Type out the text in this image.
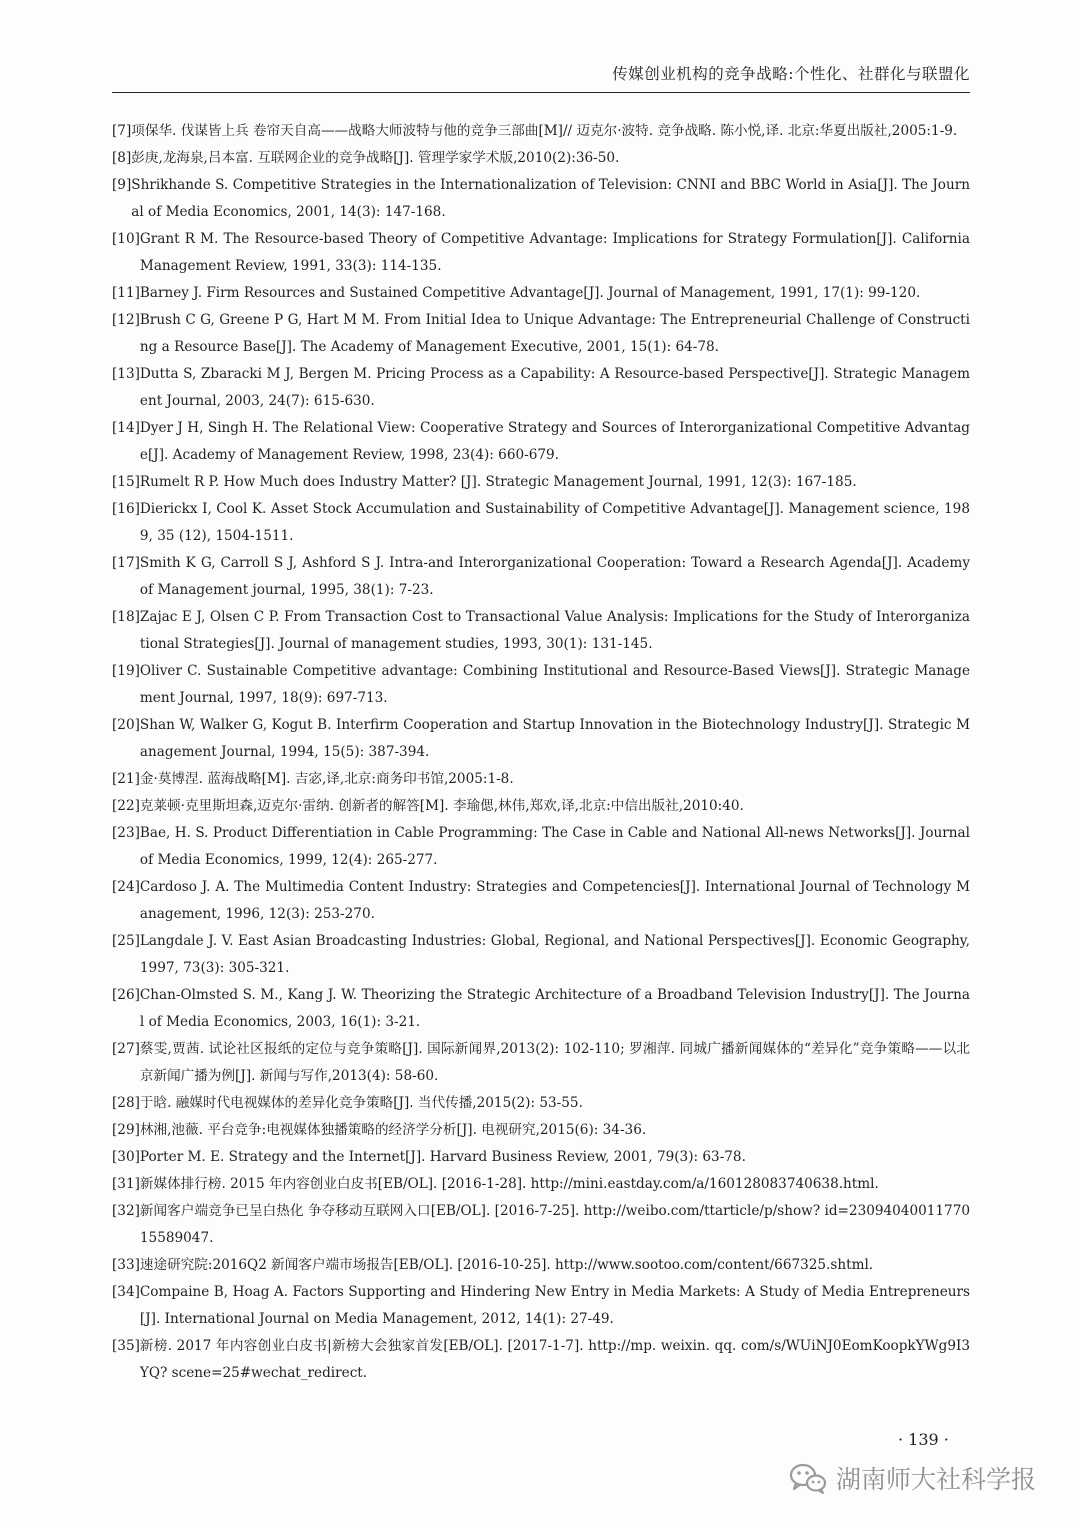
传媒创业机构的竞争战略:个性化、社群化与联盟化
[7] 项保华. 伐谋皆上兵 卷帘天自高——战略大师波特与他的竞争三部曲[M]// 迈克尔·波特. 竞争战略. 陈小悦,译. 北京:华夏出版社,2005:1-9.
[8] 彭庚,龙海泉,吕本富. 互联网企业的竞争战略[J]. 管理学家学术版,2010(2):36-50.
[9] Shrikhande S. Competitive Strategies in the Internationalization of Television: CNNI and BBC World in Asia[J]. The Journal of Media Economics, 2001, 14(3): 147-168.
[10] Grant R M. The Resource-based Theory of Competitive Advantage: Implications for Strategy Formulation[J]. California Management Review, 1991, 33(3): 114-135.
[11] Barney J. Firm Resources and Sustained Competitive Advantage[J]. Journal of Management, 1991, 17(1): 99-120.
[12] Brush C G, Greene P G, Hart M M. From Initial Idea to Unique Advantage: The Entrepreneurial Challenge of Constructing a Resource Base[J]. The Academy of Management Executive, 2001, 15(1): 64-78.
[13] Dutta S, Zbaracki M J, Bergen M. Pricing Process as a Capability: A Resource-based Perspective[J]. Strategic Management Journal, 2003, 24(7): 615-630.
[14] Dyer J H, Singh H. The Relational View: Cooperative Strategy and Sources of Interorganizational Competitive Advantage[J]. Academy of Management Review, 1998, 23(4): 660-679.
[15] Rumelt R P. How Much does Industry Matter? [J]. Strategic Management Journal, 1991, 12(3): 167-185.
[16] Dierickx I, Cool K. Asset Stock Accumulation and Sustainability of Competitive Advantage[J]. Management science, 1989, 35 (12), 1504-1511.
[17] Smith K G, Carroll S J, Ashford S J. Intra-and Interorganizational Cooperation: Toward a Research Agenda[J]. Academy of Management journal, 1995, 38(1): 7-23.
[18] Zajac E J, Olsen C P. From Transaction Cost to Transactional Value Analysis: Implications for the Study of Interorganizational Strategies[J]. Journal of management studies, 1993, 30(1): 131-145.
[19] Oliver C. Sustainable Competitive advantage: Combining Institutional and Resource-Based Views[J]. Strategic Management Journal, 1997, 18(9): 697-713.
[20] Shan W, Walker G, Kogut B. Interfirm Cooperation and Startup Innovation in the Biotechnology Industry[J]. Strategic Management Journal, 1994, 15(5): 387-394.
[21] 金·莫博涅. 蓝海战略[M]. 吉宓,译,北京:商务印书馆,2005:1-8.
[22] 克莱顿·克里斯坦森,迈克尔·雷纳. 创新者的解答[M]. 李瑜偲,林伟,郑欢,译,北京:中信出版社,2010:40.
[23] Bae, H. S. Product Differentiation in Cable Programming: The Case in Cable and National All-news Networks[J]. Journal of Media Economics, 1999, 12(4): 265-277.
[24] Cardoso J. A. The Multimedia Content Industry: Strategies and Competencies[J]. International Journal of Technology Management, 1996, 12(3): 253-270.
[25] Langdale J. V. East Asian Broadcasting Industries: Global, Regional, and National Perspectives[J]. Economic Geography, 1997, 73(3): 305-321.
[26] Chan-Olmsted S. M., Kang J. W. Theorizing the Strategic Architecture of a Broadband Television Industry[J]. The Journal of Media Economics, 2003, 16(1): 3-21.
[27] 蔡雯,贾茜. 试论社区报纸的定位与竞争策略[J]. 国际新闻界,2013(2): 102-110; 罗湘萍. 同城广播新闻媒体的“差异化”竞争策略——以北京新闻广播为例[J]. 新闻与写作,2013(4): 58-60.
[28] 于晗. 融媒时代电视媒体的差异化竞争策略[J]. 当代传播,2015(2): 53-55.
[29] 林湘,池薇. 平台竞争:电视媒体独播策略的经济学分析[J]. 电视研究,2015(6): 34-36.
[30] Porter M. E. Strategy and the Internet[J]. Harvard Business Review, 2001, 79(3): 63-78.
[31] 新媒体排行榜. 2015 年内容创业白皮书[EB/OL]. [2016-1-28]. http://mini.eastday.com/a/160128083740638.html.
[32] 新闻客户端竞争已呈白热化 争夺移动互联网入口[EB/OL]. [2016-7-25]. http://weibo.com/ttarticle/p/show? id=2309404001177015589047.
[33] 速途研究院:2016Q2 新闻客户端市场报告[EB/OL]. [2016-10-25]. http://www.sootoo.com/content/667325.shtml.
[34] Compaine B, Hoag A. Factors Supporting and Hindering New Entry in Media Markets: A Study of Media Entrepreneurs[J]. International Journal on Media Management, 2012, 14(1): 27-49.
[35] 新榜. 2017 年内容创业白皮书|新榜大会独家首发[EB/OL]. [2017-1-7]. http://mp. weixin. qq. com/s/WUiNJ0EomKoopkYWg9I3YQ? scene=25#wechat_redirect.
· 139 ·
湖南师大社科学报
